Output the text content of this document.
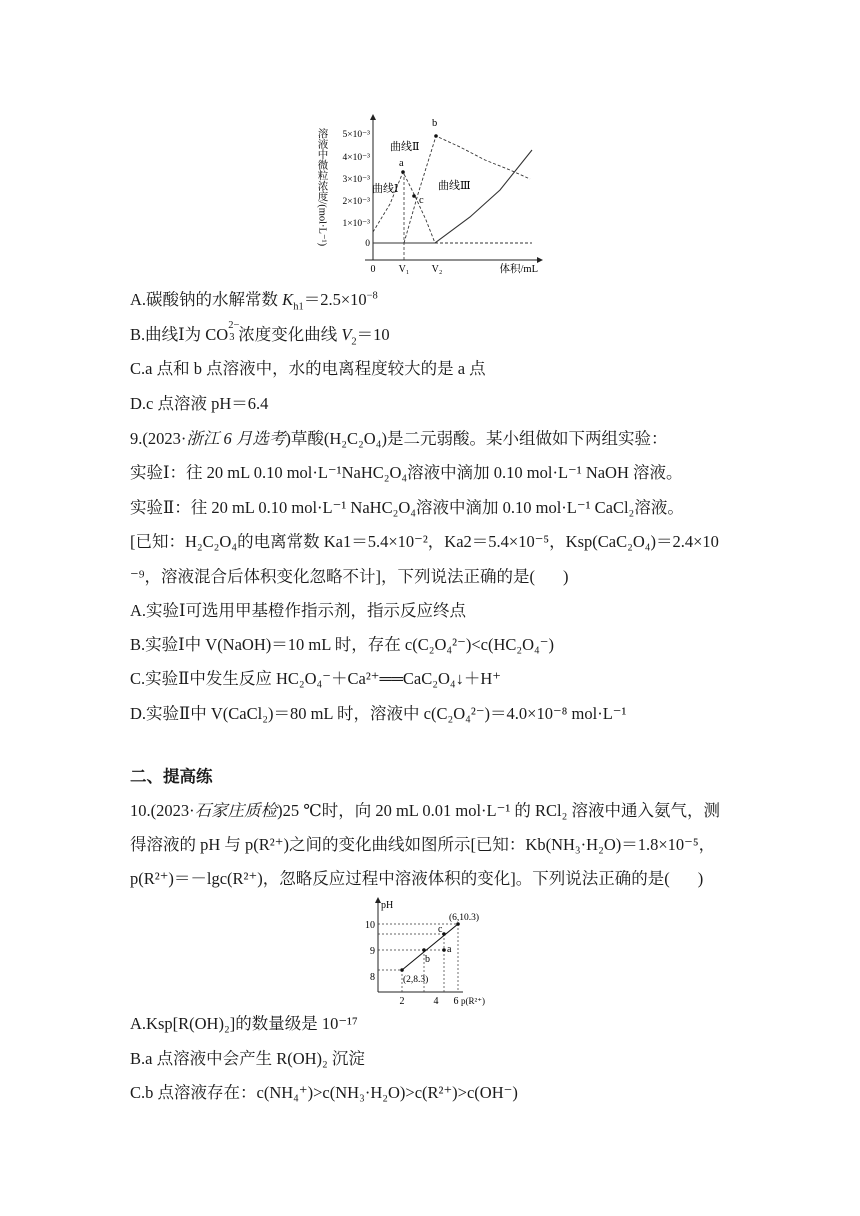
溶液中微粒浓度/(mol·L⁻¹) 5×10⁻³
4×10⁻³
3×10⁻³
2×10⁻³
1×10⁻³
0
0 V₁ V₂	体积/mL
a
b
c
曲线Ⅰ
曲线Ⅱ
曲线Ⅲ
A.碳酸钠的水解常数 $K_{h1}=2.5\times 10^{-8}$
B.曲线Ⅰ为 CO 2−
3 浓度变化曲线 $V_2=10$
C.a 点和 b 点溶液中，水的电离程度较大的是 a 点
D.c 点溶液 pH＝6.4
9.(2023·浙江 6 月选考)草酸(H₂C₂O₄)是二元弱酸。某小组做如下两组实验：
实验Ⅰ：往 20 mL 0.10 mol·L⁻¹NaHC₂O₄溶液中滴加 0.10 mol·L⁻¹ NaOH 溶液。
实验Ⅱ：往 20 mL 0.10 mol·L⁻¹ NaHC₂O₄溶液中滴加 0.10 mol·L⁻¹ CaCl₂溶液。
[已知：H₂C₂O₄的电离常数 Ka1＝5.4×10⁻²，Ka2＝5.4×10⁻⁵，Ksp(CaC₂O₄)＝2.4×10
⁻⁹，溶液混合后体积变化忽略不计]，下列说法正确的是( )
A.实验Ⅰ可选用甲基橙作指示剂，指示反应终点
B.实验Ⅰ中 V(NaOH)＝10 mL 时，存在 c(C₂O₄²⁻)<c(HC₂O₄⁻)
C.实验Ⅱ中发生反应 HC₂O₄⁻＋Ca²⁺══CaC₂O₄↓＋H⁺
D.实验Ⅱ中 V(CaCl₂)＝80 mL 时，溶液中 c(C₂O₄²⁻)＝4.0×10⁻⁸ mol·L⁻¹
二、提高练
10.(2023·石家庄质检)25 ℃时，向 20 mL 0.01 mol·L⁻¹ 的 RCl₂ 溶液中通入氨气，测
得溶液的 pH 与 p(R²⁺)之间的变化曲线如图所示[已知：Kb(NH₃·H₂O)＝1.8×10⁻⁵，
p(R²⁺)＝－lgc(R²⁺)，忽略反应过程中溶液体积的变化]。下列说法正确的是( )
pH
10
9
8
2	4 6 p(R²⁺)
c
b
a
(6,10.3)
(2,8.3)
A.Ksp[R(OH)₂]的数量级是 10⁻¹⁷
B.a 点溶液中会产生 R(OH)₂ 沉淀
C.b 点溶液存在：c(NH₄⁺)>c(NH₃·H₂O)>c(R²⁺)>c(OH⁻)
